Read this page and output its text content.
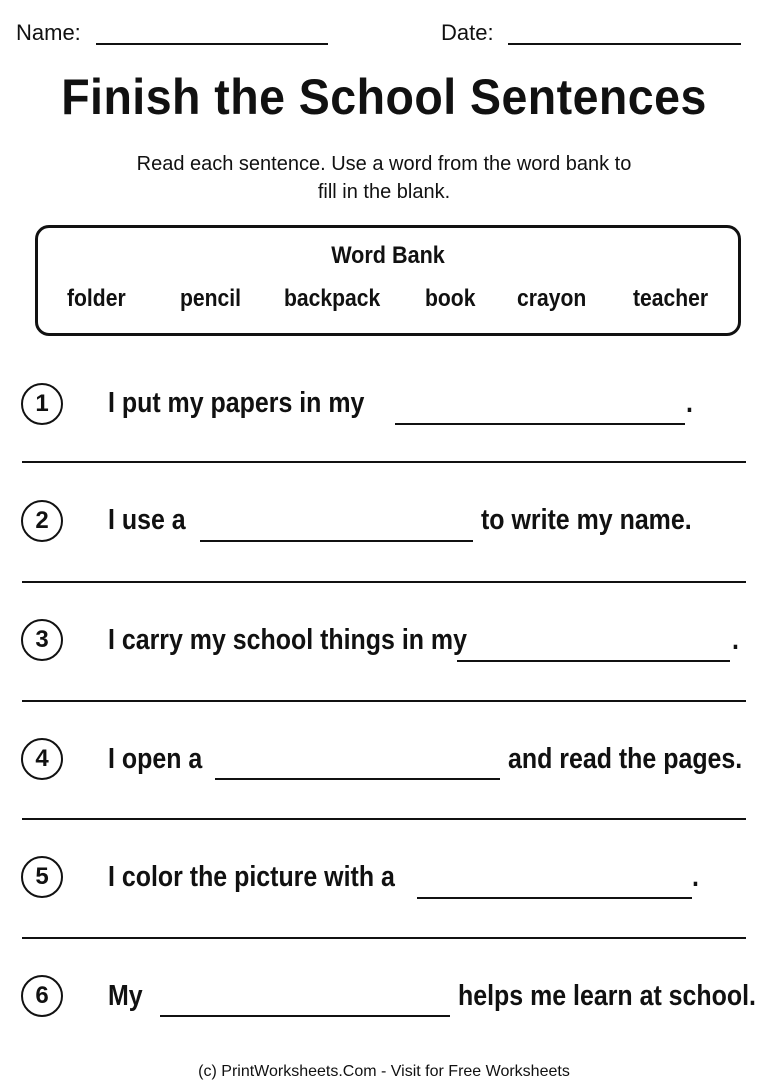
Name:	Date:
Finish the School Sentences
Read each sentence. Use a word from the word bank to
fill in the blank.
Word Bank
folder pencil backpack book crayon teacher
1	I put my papers in my	.
2	I use a	to write my name.
3	I carry my school things in my	.
4	I open a	and read the pages.
5	I color the picture with a	.
6	My	helps me learn at school.
(c) PrintWorksheets.Com - Visit for Free Worksheets
